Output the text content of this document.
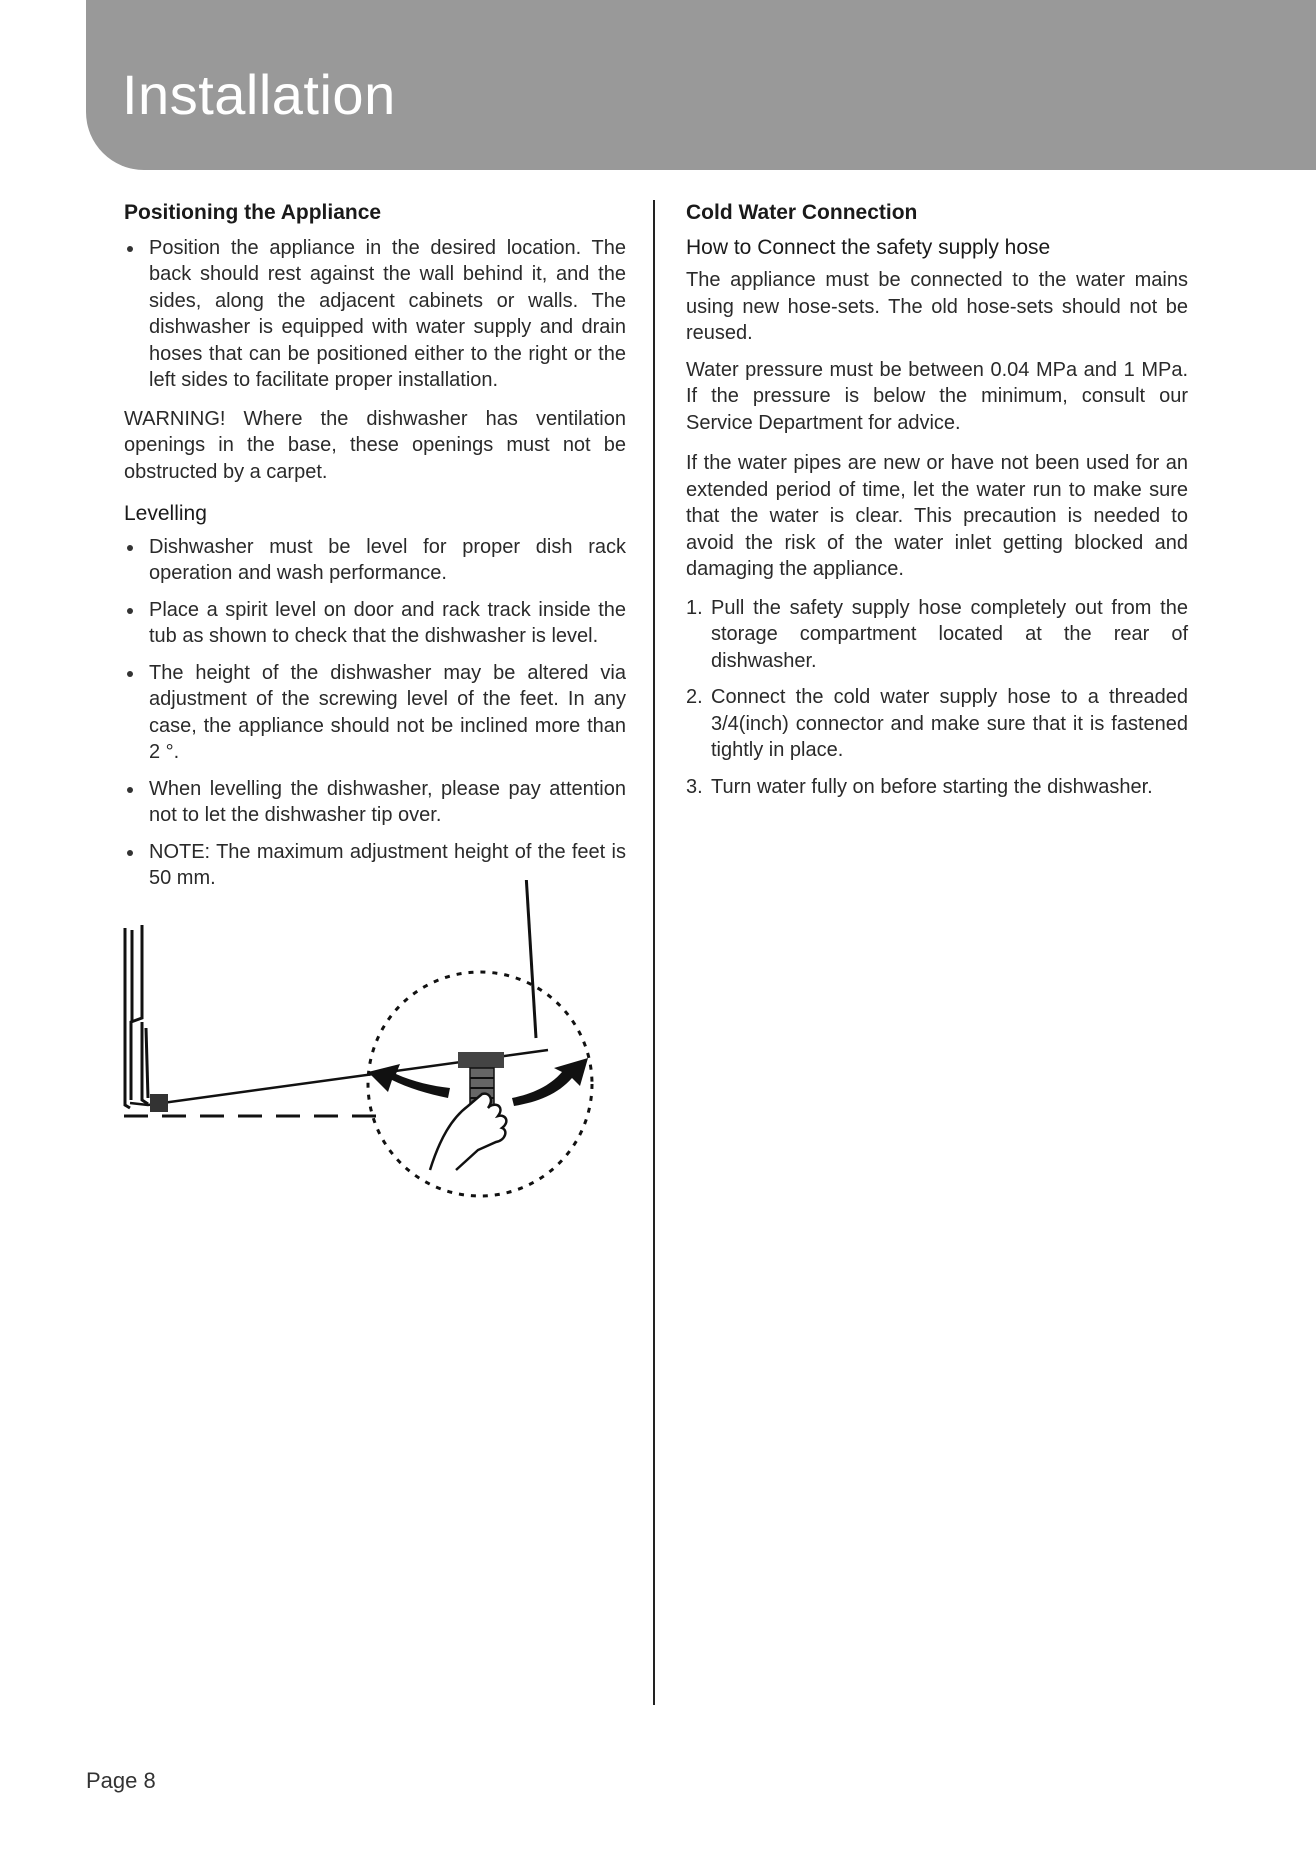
Installation
Positioning the Appliance
Position the appliance in the desired location. The back should rest against the wall behind it, and the sides, along the adjacent cabinets or walls. The dishwasher is equipped with water supply and drain hoses that can be positioned either to the right or the left sides to facilitate proper installation.

WARNING! Where the dishwasher has ventilation openings in the base, these openings must not be obstructed by a carpet.

Levelling
Dishwasher must be level for proper dish rack operation and wash performance.
Place a spirit level on door and rack track inside the tub as shown to check that the dishwasher is level.
The height of the dishwasher may be altered via adjustment of the screwing level of the feet. In any case, the appliance should not be inclined more than 2 °.
When levelling the dishwasher, please pay attention not to let the dishwasher tip over.
NOTE: The maximum adjustment height of the feet is 50 mm.
Cold Water Connection
How to Connect the safety supply hose

The appliance must be connected to the water mains using new hose-sets. The old hose-sets should not be reused.

Water pressure must be between 0.04 MPa and 1 MPa. If the pressure is below the minimum, consult our Service Department for advice.

If the water pipes are new or have not been used for an extended period of time, let the water run to make sure that the water is clear. This precaution is needed to avoid the risk of the water inlet getting blocked and damaging the appliance.

1. Pull the safety supply hose completely out from the storage compartment located at the rear of dishwasher.
2. Connect the cold water supply hose to a threaded 3/4(inch) connector and make sure that it is fastened tightly in place.
3. Turn water fully on before starting the dishwasher.

Page 8
